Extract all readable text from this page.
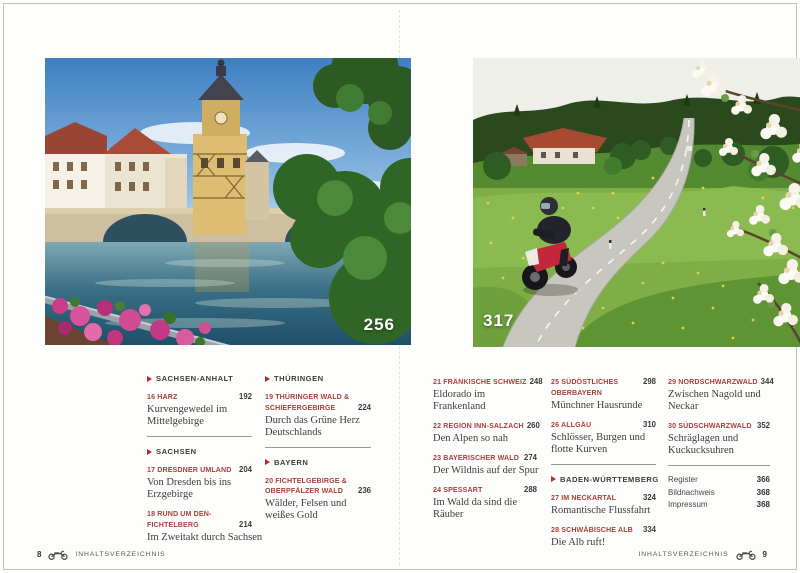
256	317
SACHSEN-ANHALT
16 HARZ	192
Kurvengewedel im
Mittelgebirge
SACHSEN
17 DRESDNER UMLAND 204
Von Dresden bis ins
Erzgebirge
18 RUND UM DEN-
FICHTELBERG	214
Im Zweitakt durch Sachsen
THÜRINGEN
19 THÜRINGER WALD &
SCHIEFERGEBIRGE	224
Durch das Grüne Herz
Deutschlands
BAYERN
20 FICHTELGEBIRGE &
OBERPFÄLZER WALD 236
Wälder, Felsen und
weißes Gold
21 FRÄNKISCHE SCHWEIZ 248
Eldorado im
Frankenland
22 REGION INN-SALZACH 260
Den Alpen so nah
23 BAYERISCHER WALD 274
Der Wildnis auf der Spur
24 SPESSART	288
Im Wald da sind die
Räuber
25 SÜDÖSTLICHES	298
OBERBAYERN
Münchner Hausrunde
26 ALLGÄU	310
Schlösser, Burgen und
flotte Kurven
BADEN-WÜRTTEMBERG
27 IM NECKARTAL	324
Romantische Flussfahrt
28 SCHWÄBISCHE ALB 334
Die Alb ruft!
29 NORDSCHWARZWALD 344
Zwischen Nagold und
Neckar
30 SÜDSCHWARZWALD 352
Schräglagen und
Kuckucksuhren
Register	366
Bildnachweis	368
Impressum	368
8	INHALTSVERZEICHNIS	INHALTSVERZEICHNIS	9
